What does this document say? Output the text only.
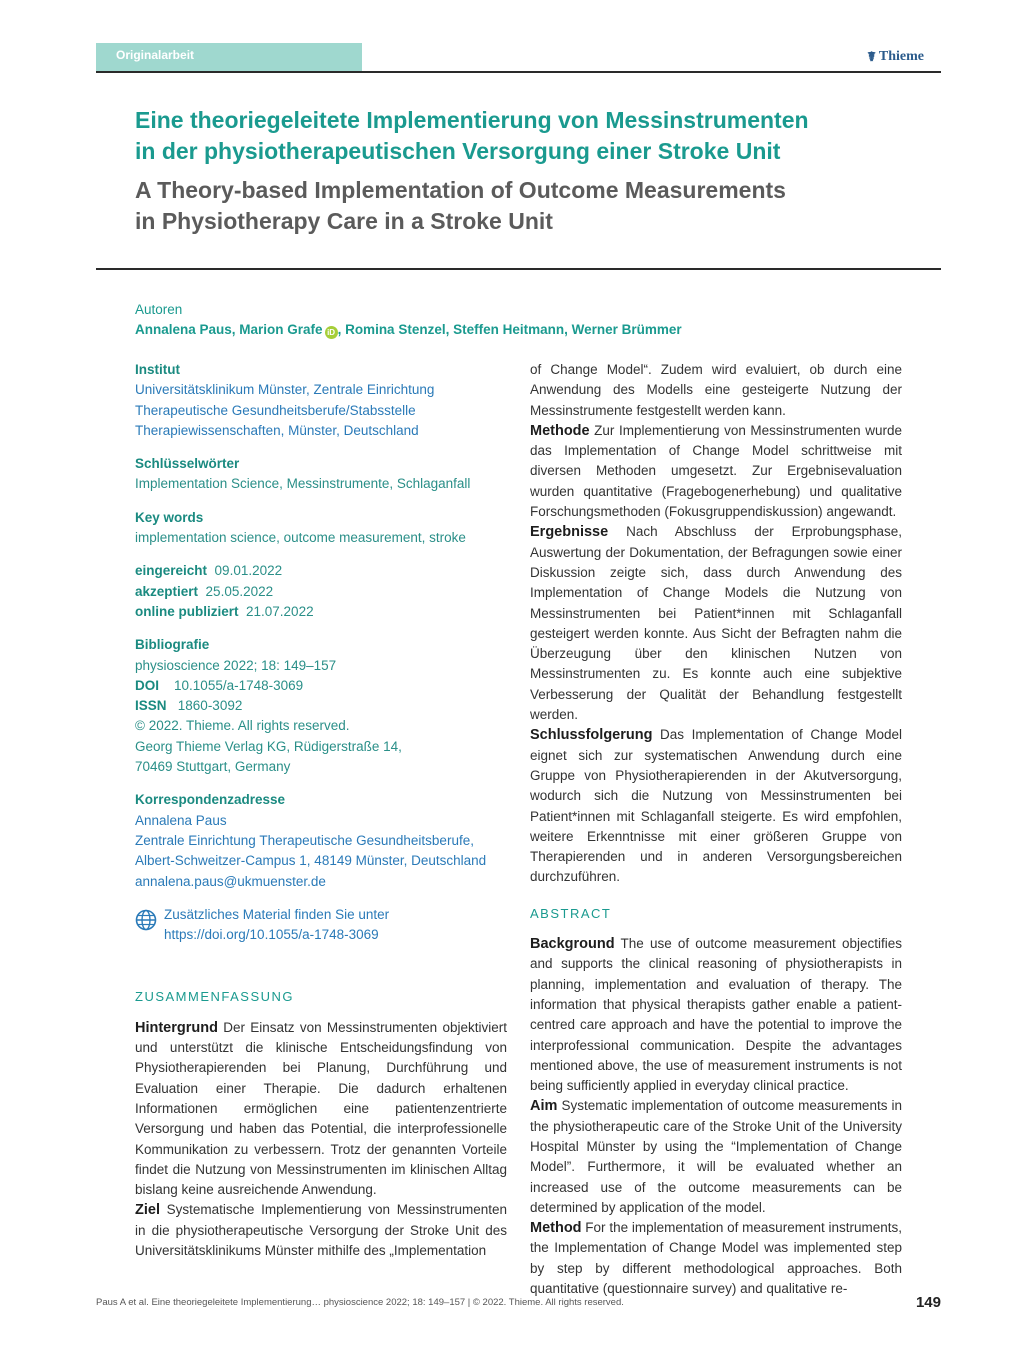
Originalarbeit	☤ Thieme
Eine theoriegeleitete Implementierung von Messinstrumenten
in der physiotherapeutischen Versorgung einer Stroke Unit
A Theory-based Implementation of Outcome Measurements
in Physiotherapy Care in a Stroke Unit
Autoren
Annalena Paus, Marion Grafe iD , Romina Stenzel, Steffen Heitmann, Werner Brümmer
Institut
Universitätsklinikum Münster, Zentrale Einrichtung
Therapeutische Gesundheitsberufe/Stabsstelle
Therapiewissenschaften, Münster, Deutschland
Schlüsselwörter
Implementation Science, Messinstrumente, Schlaganfall
Key words
implementation science, outcome measurement, stroke
eingereicht 09.01.2022
akzeptiert 25.05.2022
online publiziert 21.07.2022
Bibliografie
physioscience 2022; 18: 149–157
DOI 10.1055/a-1748-3069
ISSN 1860-3092
© 2022. Thieme. All rights reserved.
Georg Thieme Verlag KG, Rüdigerstraße 14,
70469 Stuttgart, Germany
Korrespondenzadresse
Annalena Paus
Zentrale Einrichtung Therapeutische Gesundheitsberufe,
Albert-Schweitzer-Campus 1, 48149 Münster, Deutschland
annalena.paus@ukmuenster.de
Zusätzliches Material finden Sie unter
https://doi.org/10.1055/a-1748-3069
ZUSAMMENFASSUNG

Hintergrund Der Einsatz von Messinstrumenten objektiviert und unterstützt die klinische Entscheidungsfindung von Physiotherapierenden bei Planung, Durchführung und Evaluation einer Therapie. Die dadurch erhaltenen Informationen ermöglichen eine patientenzentrierte Versorgung und haben das Potential, die interprofessionelle Kommunikation zu verbessern. Trotz der genannten Vorteile findet die Nutzung von Messinstrumenten im klinischen Alltag bislang keine ausreichende Anwendung.

Ziel Systematische Implementierung von Messinstrumenten in die physiotherapeutische Versorgung der Stroke Unit des Universitätsklinikums Münster mithilfe des „Implementation

of Change Model“. Zudem wird evaluiert, ob durch eine Anwendung des Modells eine gesteigerte Nutzung der Messinstrumente festgestellt werden kann.

Methode Zur Implementierung von Messinstrumenten wurde das Implementation of Change Model schrittweise mit diversen Methoden umgesetzt. Zur Ergebnisevaluation wurden quantitative (Fragebogenerhebung) und qualitative Forschungsmethoden (Fokusgruppendiskussion) angewandt.

Ergebnisse Nach Abschluss der Erprobungsphase, Auswertung der Dokumentation, der Befragungen sowie einer Diskussion zeigte sich, dass durch Anwendung des Implementation of Change Models die Nutzung von Messinstrumenten bei Patient*innen mit Schlaganfall gesteigert werden konnte. Aus Sicht der Befragten nahm die Überzeugung über den klinischen Nutzen von Messinstrumenten zu. Es konnte auch eine subjektive Verbesserung der Qualität der Behandlung festgestellt werden.

Schlussfolgerung Das Implementation of Change Model eignet sich zur systematischen Anwendung durch eine Gruppe von Physiotherapierenden in der Akutversorgung, wodurch sich die Nutzung von Messinstrumenten bei Patient*innen mit Schlaganfall steigerte. Es wird empfohlen, weitere Erkenntnisse mit einer größeren Gruppe von Therapierenden und in anderen Versorgungsbereichen durchzuführen.

ABSTRACT

Background The use of outcome measurement objectifies and supports the clinical reasoning of physiotherapists in planning, implementation and evaluation of therapy. The information that physical therapists gather enable a patient-centred care approach and have the potential to improve the interprofessional communication. Despite the advantages mentioned above, the use of measurement instruments is not being sufficiently applied in everyday clinical practice.

Aim Systematic implementation of outcome measurements in the physiotherapeutic care of the Stroke Unit of the University Hospital Münster by using the “Implementation of Change Model”. Furthermore, it will be evaluated whether an increased use of the outcome measurements can be determined by application of the model.

Method For the implementation of measurement instruments, the Implementation of Change Model was implemented step by step by different methodological approaches. Both quantitative (questionnaire survey) and qualitative re-

Paus A et al. Eine theoriegeleitete Implementierung… physioscience 2022; 18: 149–157 | © 2022. Thieme. All rights reserved.	149
